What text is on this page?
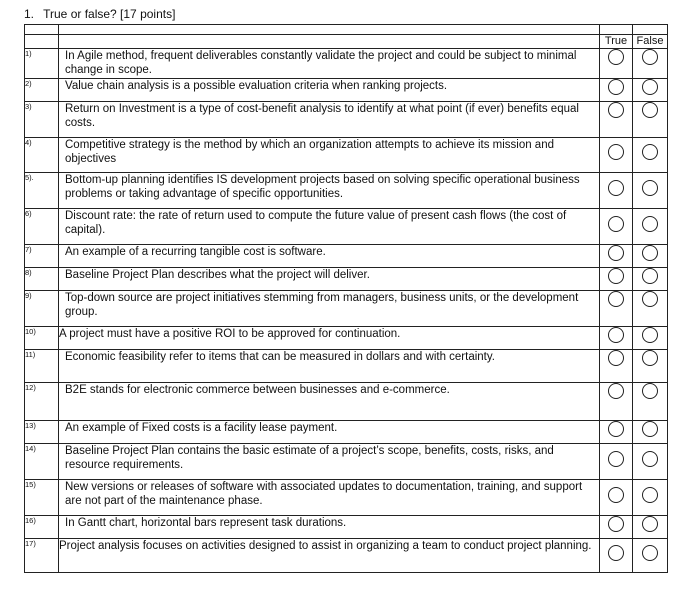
1. True or false? [17 points]

		True	False

1)	In Agile method, frequent deliverables constantly validate the project and could be subject to minimal change in scope.		

2)	Value chain analysis is a possible evaluation criteria when ranking projects.		

3)	Return on Investment is a type of cost-benefit analysis to identify at what point (if ever) benefits equal costs.		

4)	Competitive strategy is the method by which an organization attempts to achieve its mission and objectives		

5).	Bottom-up planning identifies IS development projects based on solving specific operational business problems or taking advantage of specific opportunities.		

6)	Discount rate: the rate of return used to compute the future value of present cash flows (the cost of capital).		

7)	An example of a recurring tangible cost is software.		

8)	Baseline Project Plan describes what the project will deliver.		

9)	Top-down source are project initiatives stemming from managers, business units, or the development group.		

10)	A project must have a positive ROI to be approved for continuation.		

11)	Economic feasibility refer to items that can be measured in dollars and with certainty.		

12)	B2E stands for electronic commerce between businesses and e-commerce.		

13)	An example of Fixed costs is a facility lease payment.		

14)	Baseline Project Plan contains the basic estimate of a project’s scope, benefits, costs, risks, and resource requirements.		

15)	New versions or releases of software with associated updates to documentation, training, and support are not part of the maintenance phase.		

16)	In Gantt chart, horizontal bars represent task durations.		

17)	Project analysis focuses on activities designed to assist in organizing a team to conduct project planning.		
